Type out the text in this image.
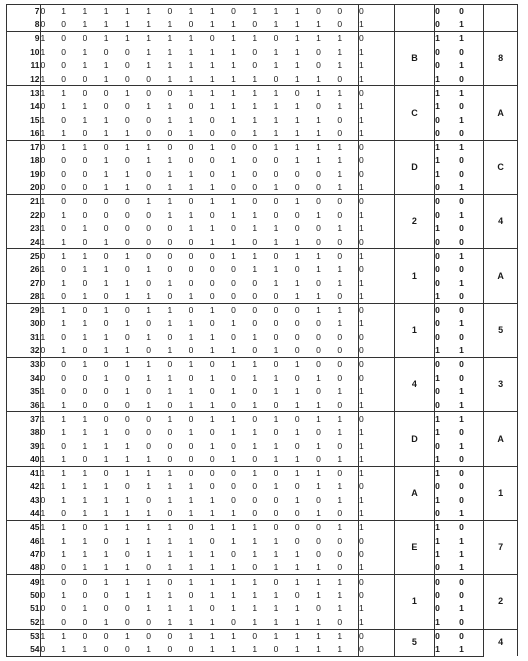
7	0	1	1	1	1	1	0	1	1	0	1	1	1	0	0	0		0	0	
8	0	0	1	1	1	1	1	0	1	1	0	1	1	1	0	1		0	1	
9	1	0	0	1	1	1	1	1	0	1	1	0	1	1	1	0	B	1	1	8
10	1	0	1	0	0	1	1	1	1	1	0	1	1	0	1	1		0	0	
11	0	0	1	1	0	1	1	1	1	1	0	1	1	0	1	1		0	1	
12	1	0	0	1	0	0	1	1	1	1	1	0	1	1	0	1		1	0	
13	1	1	0	0	1	0	0	1	1	1	1	1	0	1	1	0	C	1	1	A
14	0	1	1	0	0	1	1	0	1	1	1	1	1	0	1	1		1	0	
15	1	0	1	1	0	0	1	1	0	1	1	1	1	1	0	1		0	1	
16	1	1	0	1	1	0	0	1	0	0	1	1	1	1	0	1		0	0	
17	0	1	1	0	1	1	0	0	1	0	0	1	1	1	1	0	D	1	1	C
18	0	0	0	1	0	1	1	0	0	1	0	0	1	1	1	0		1	0	
19	0	0	0	1	1	0	1	1	0	1	0	0	0	0	1	0		1	0	
20	0	0	0	1	1	0	1	1	1	0	0	1	0	0	1	1		0	1	
21	1	0	0	0	0	1	1	0	1	1	0	0	1	0	0	0	2	0	0	4
22	0	1	0	0	0	0	1	1	0	1	1	0	0	1	0	1		0	1	
23	1	0	1	0	0	0	0	1	1	0	1	1	0	0	1	1		1	0	
24	1	1	0	1	0	0	0	0	1	1	0	1	1	0	0	0		0	0	
25	0	1	1	0	1	0	0	0	0	1	1	0	1	1	0	1	1	0	1	A
26	1	0	1	1	0	1	0	0	0	0	1	1	0	1	1	0		0	0	
27	0	1	0	1	1	0	1	0	0	0	0	1	1	0	1	1		0	1	
28	1	0	1	0	1	1	0	1	0	0	0	0	1	1	0	1		1	0	
29	1	1	0	1	0	1	1	0	1	0	0	0	0	1	1	0	1	0	0	5
30	0	1	1	0	1	0	1	1	0	1	0	0	0	0	1	1		0	1	
31	1	0	1	1	0	1	0	1	1	0	1	0	0	0	0	0		0	0	
32	0	1	0	1	1	0	1	0	1	1	0	1	0	0	0	0		1	1	
33	0	0	1	0	1	1	0	1	0	1	1	0	1	0	0	0	4	0	0	3
34	0	0	0	1	0	1	1	0	1	0	1	1	0	1	0	0		1	0	
35	1	0	0	0	1	0	1	1	0	1	0	1	1	0	1	1		0	1	
36	1	1	0	0	0	1	0	1	1	0	1	0	1	1	0	1		0	1	
37	1	1	1	0	0	0	1	0	1	1	0	1	0	1	1	0	D	1	1	A
38	0	1	1	1	0	0	0	1	0	1	1	0	1	0	1	1		1	0	
39	1	0	1	1	1	0	0	0	1	0	1	1	0	1	0	1		0	1	
40	1	1	0	1	1	1	0	0	0	1	0	1	1	0	1	1		1	0	
41	1	1	1	0	1	1	1	0	0	0	1	0	1	1	0	1	A	1	0	1
42	1	1	1	1	0	1	1	1	0	0	0	1	0	1	1	0		0	0	
43	0	1	1	1	1	0	1	1	1	0	0	0	1	0	1	1		1	0	
44	1	0	1	1	1	1	0	1	1	1	0	0	0	1	0	1		0	1	
45	1	1	0	1	1	1	1	0	1	1	1	0	0	0	1	1	E	1	0	7
46	1	1	1	0	1	1	1	1	0	1	1	1	0	0	0	0		1	1	
47	0	1	1	1	0	1	1	1	1	0	1	1	1	0	0	0		1	1	
48	0	0	1	1	1	0	1	1	1	1	0	1	1	1	0	1		0	1	
49	1	0	0	1	1	1	0	1	1	1	1	0	1	1	1	0	1	0	0	2
50	0	1	0	0	1	1	1	0	1	1	1	1	0	1	1	0		0	0	
51	0	0	1	0	0	1	1	1	0	1	1	1	1	0	1	1		0	1	
52	1	0	0	1	0	0	1	1	1	0	1	1	1	1	0	1		1	0	
53	1	1	0	0	1	0	0	1	1	1	0	1	1	1	1	0	5	0	0	4
54	0	1	1	0	0	1	0	0	1	1	1	0	1	1	1	0		1	1	
